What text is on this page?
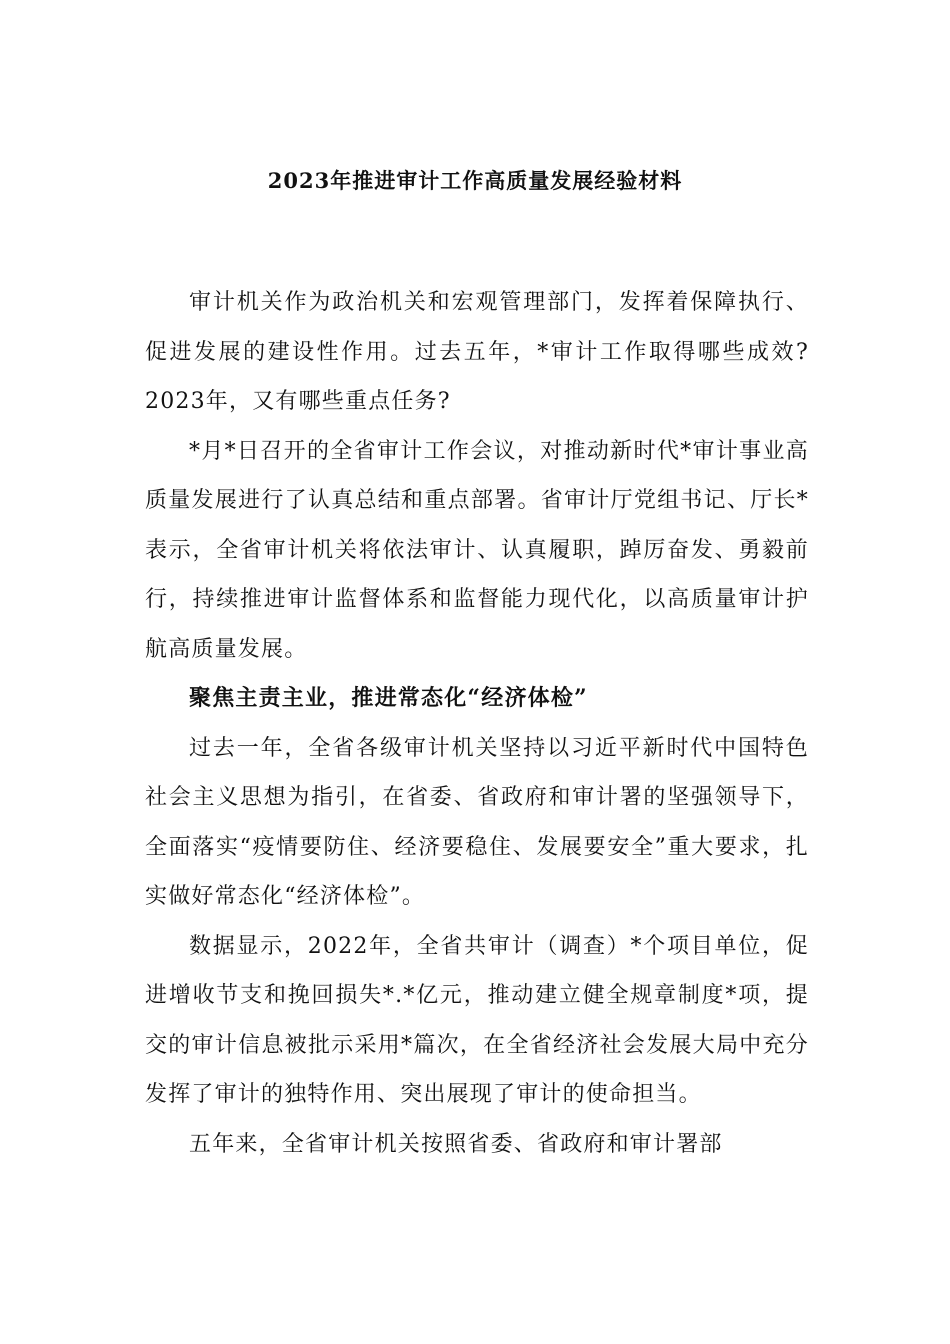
2023年推进审计工作高质量发展经验材料

审计机关作为政治机关和宏观管理部门，发挥着保障执行、促进发展的建设性作用。过去五年，*审计工作取得哪些成效?2023年，又有哪些重点任务?

*月*日召开的全省审计工作会议，对推动新时代*审计事业高质量发展进行了认真总结和重点部署。省审计厅党组书记、厅长*表示，全省审计机关将依法审计、认真履职，踔厉奋发、勇毅前行，持续推进审计监督体系和监督能力现代化，以高质量审计护航高质量发展。

聚焦主责主业，推进常态化“经济体检”

过去一年，全省各级审计机关坚持以习近平新时代中国特色社会主义思想为指引，在省委、省政府和审计署的坚强领导下，全面落实“疫情要防住、经济要稳住、发展要安全”重大要求，扎实做好常态化“经济体检”。

数据显示，2022年，全省共审计（调查）*个项目单位，促进增收节支和挽回损失*.*亿元，推动建立健全规章制度*项，提交的审计信息被批示采用*篇次，在全省经济社会发展大局中充分发挥了审计的独特作用、突出展现了审计的使命担当。

五年来，全省审计机关按照省委、省政府和审计署部
